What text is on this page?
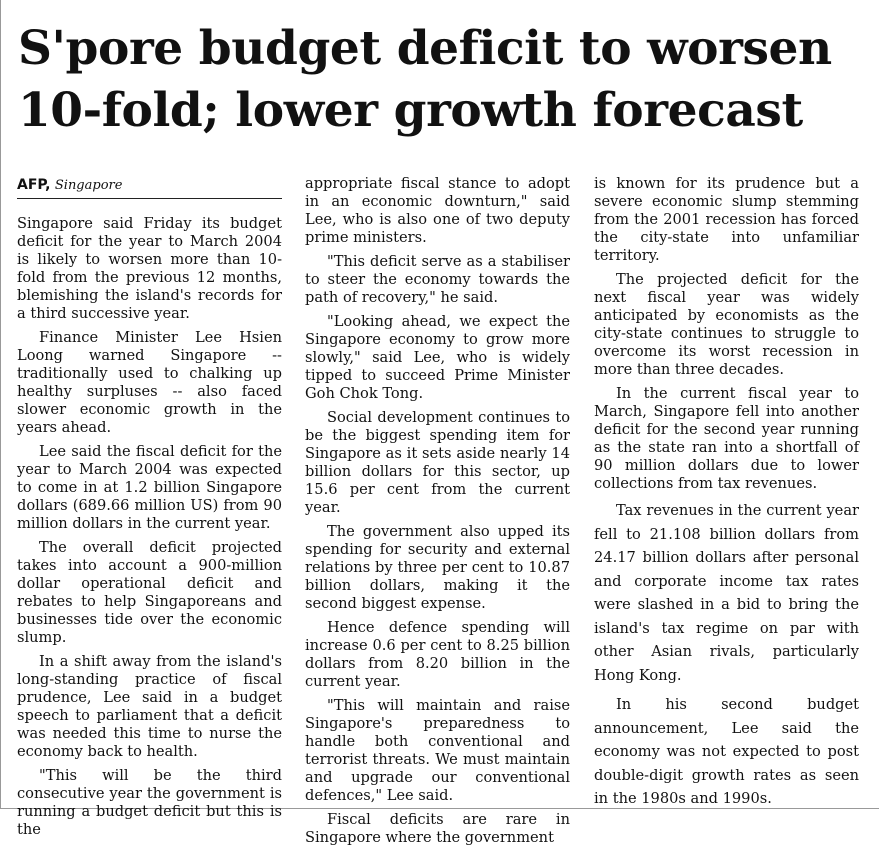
S'pore budget deficit to worsen 10-fold; lower growth forecast
AFP, Singapore

Singapore said Friday its budget deficit for the year to March 2004 is likely to worsen more than 10-fold from the previous 12 months, blemishing the island's records for a third successive year.

Finance Minister Lee Hsien Loong warned Singapore -- traditionally used to chalking up healthy surpluses -- also faced slower economic growth in the years ahead.

Lee said the fiscal deficit for the year to March 2004 was expected to come in at 1.2 billion Singapore dollars (689.66 million US) from 90 million dollars in the current year.

The overall deficit projected takes into account a 900-million dollar operational deficit and rebates to help Singaporeans and businesses tide over the economic slump.

In a shift away from the island's long-standing practice of fiscal prudence, Lee said in a budget speech to parliament that a deficit was needed this time to nurse the economy back to health.

"This will be the third consecutive year the government is running a budget deficit but this is the

appropriate fiscal stance to adopt in an economic downturn," said Lee, who is also one of two deputy prime ministers.

"This deficit serve as a stabiliser to steer the economy towards the path of recovery," he said.

"Looking ahead, we expect the Singapore economy to grow more slowly," said Lee, who is widely tipped to succeed Prime Minister Goh Chok Tong.

Social development continues to be the biggest spending item for Singapore as it sets aside nearly 14 billion dollars for this sector, up 15.6 per cent from the current year.

The government also upped its spending for security and external relations by three per cent to 10.87 billion dollars, making it the second biggest expense.

Hence defence spending will increase 0.6 per cent to 8.25 billion dollars from 8.20 billion in the current year.

"This will maintain and raise Singapore's preparedness to handle both conventional and terrorist threats. We must maintain and upgrade our conventional defences," Lee said.

Fiscal deficits are rare in Singapore where the government

is known for its prudence but a severe economic slump stemming from the 2001 recession has forced the city-state into unfamiliar territory.

The projected deficit for the next fiscal year was widely anticipated by economists as the city-state continues to struggle to overcome its worst recession in more than three decades.

In the current fiscal year to March, Singapore fell into another deficit for the second year running as the state ran into a shortfall of 90 million dollars due to lower collections from tax revenues.

Tax revenues in the current year fell to 21.108 billion dollars from 24.17 billion dollars after personal and corporate income tax rates were slashed in a bid to bring the island's tax regime on par with other Asian rivals, particularly Hong Kong.

In his second budget announcement, Lee said the economy was not expected to post double-digit growth rates as seen in the 1980s and 1990s.
